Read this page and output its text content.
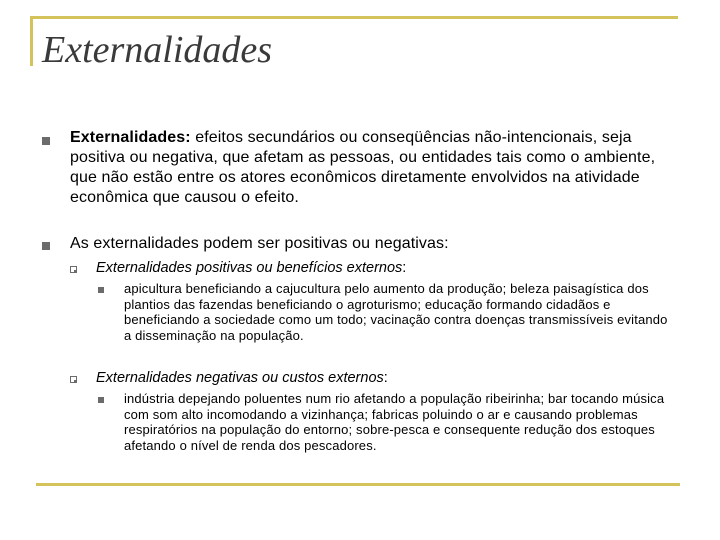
Externalidades

Externalidades: efeitos secundários ou conseqüências não-intencionais, seja positiva ou negativa, que afetam as pessoas, ou entidades tais como o ambiente, que não estão entre os atores econômicos diretamente envolvidos na atividade econômica que causou o efeito.

As externalidades podem ser positivas ou negativas:

Externalidades positivas ou benefícios externos:

apicultura beneficiando a cajucultura pelo aumento da produção; beleza paisagística dos plantios das fazendas beneficiando o agroturismo; educação formando cidadãos e beneficiando a sociedade como um todo; vacinação contra doenças transmissíveis evitando a disseminação na população.

Externalidades negativas ou custos externos:

indústria depejando poluentes num rio afetando a população ribeirinha; bar tocando música com som alto incomodando a vizinhança; fabricas poluindo o ar e causando problemas respiratórios na população do entorno; sobre-pesca e consequente redução dos estoques afetando o nível de renda dos pescadores.
